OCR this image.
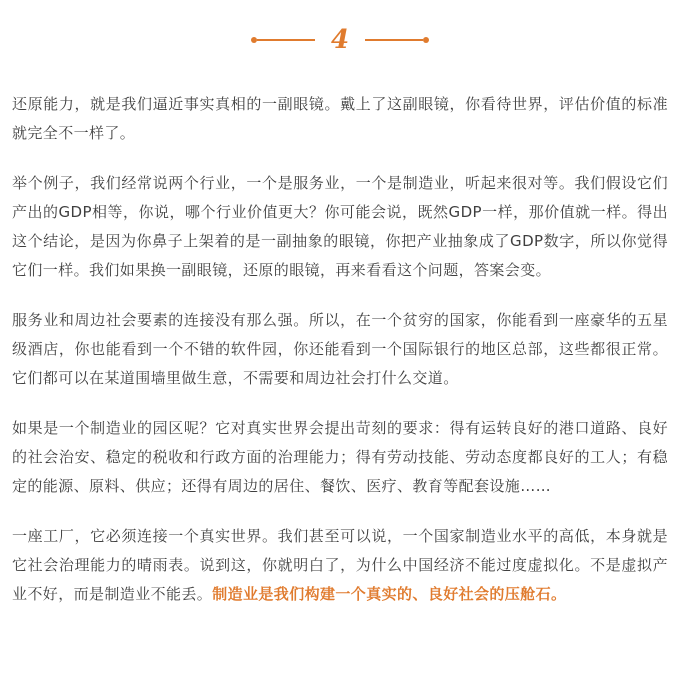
4

还原能力，就是我们逼近事实真相的一副眼镜。戴上了这副眼镜，你看待世界，评估价值的标准就完全不一样了。

举个例子，我们经常说两个行业，一个是服务业，一个是制造业，听起来很对等。我们假设它们产出的GDP相等，你说，哪个行业价值更大？你可能会说，既然GDP一样，那价值就一样。得出这个结论，是因为你鼻子上架着的是一副抽象的眼镜，你把产业抽象成了GDP数字，所以你觉得它们一样。我们如果换一副眼镜，还原的眼镜，再来看看这个问题，答案会变。

服务业和周边社会要素的连接没有那么强。所以，在一个贫穷的国家，你能看到一座豪华的五星级酒店，你也能看到一个不错的软件园，你还能看到一个国际银行的地区总部，这些都很正常。它们都可以在某道围墙里做生意，不需要和周边社会打什么交道。

如果是一个制造业的园区呢？它对真实世界会提出苛刻的要求：得有运转良好的港口道路、良好的社会治安、稳定的税收和行政方面的治理能力；得有劳动技能、劳动态度都良好的工人；有稳定的能源、原料、供应；还得有周边的居住、餐饮、医疗、教育等配套设施……

一座工厂，它必须连接一个真实世界。我们甚至可以说，一个国家制造业水平的高低，本身就是它社会治理能力的晴雨表。说到这，你就明白了，为什么中国经济不能过度虚拟化。不是虚拟产业不好，而是制造业不能丢。制造业是我们构建一个真实的、良好社会的压舱石。
